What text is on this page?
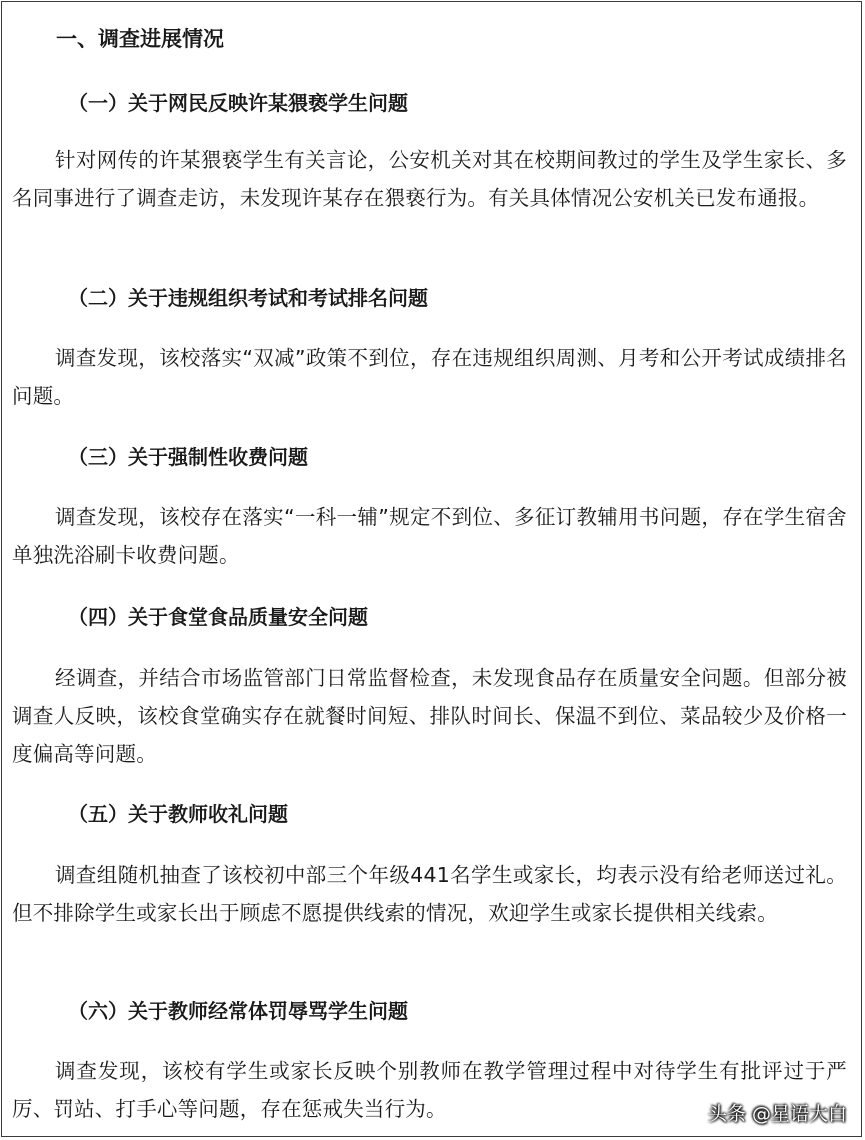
一、调查进展情况
（一）关于网民反映许某猥亵学生问题

针对网传的许某猥亵学生有关言论，公安机关对其在校期间教过的学生及学生家长、多名同事进行了调查走访，未发现许某存在猥亵行为。有关具体情况公安机关已发布通报。

（二）关于违规组织考试和考试排名问题

调查发现，该校落实“双减”政策不到位，存在违规组织周测、月考和公开考试成绩排名问题。

（三）关于强制性收费问题

调查发现，该校存在落实“一科一辅”规定不到位、多征订教辅用书问题，存在学生宿舍单独洗浴刷卡收费问题。

（四）关于食堂食品质量安全问题

经调查，并结合市场监管部门日常监督检查，未发现食品存在质量安全问题。但部分被调查人反映，该校食堂确实存在就餐时间短、排队时间长、保温不到位、菜品较少及价格一度偏高等问题。

（五）关于教师收礼问题

调查组随机抽查了该校初中部三个年级441名学生或家长，均表示没有给老师送过礼。但不排除学生或家长出于顾虑不愿提供线索的情况，欢迎学生或家长提供相关线索。

（六）关于教师经常体罚辱骂学生问题

调查发现，该校有学生或家长反映个别教师在教学管理过程中对待学生有批评过于严厉、罚站、打手心等问题，存在惩戒失当行为。	头条 @星语大白
